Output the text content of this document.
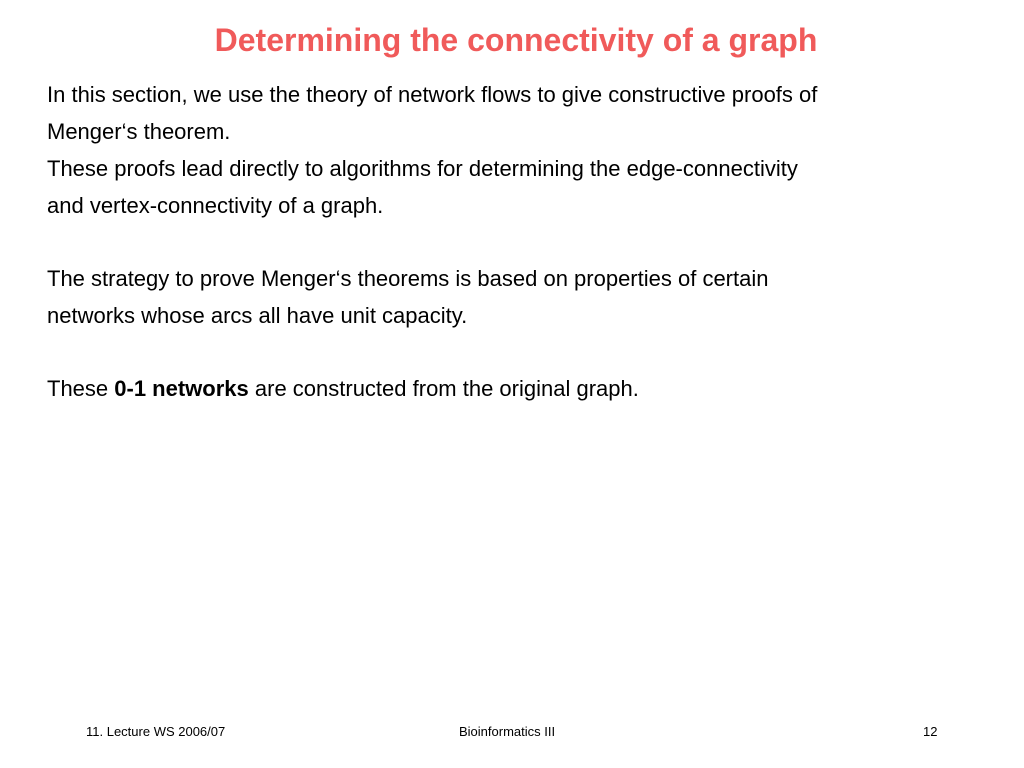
Determining the connectivity of a graph

In this section, we use the theory of network flows to give constructive proofs of

Menger‘s theorem.

These proofs lead directly to algorithms for determining the edge-connectivity

and vertex-connectivity of a graph.

The strategy to prove Menger‘s theorems is based on properties of certain

networks whose arcs all have unit capacity.

These 0-1 networks are constructed from the original graph.

11. Lecture WS 2006/07	Bioinformatics III	12
